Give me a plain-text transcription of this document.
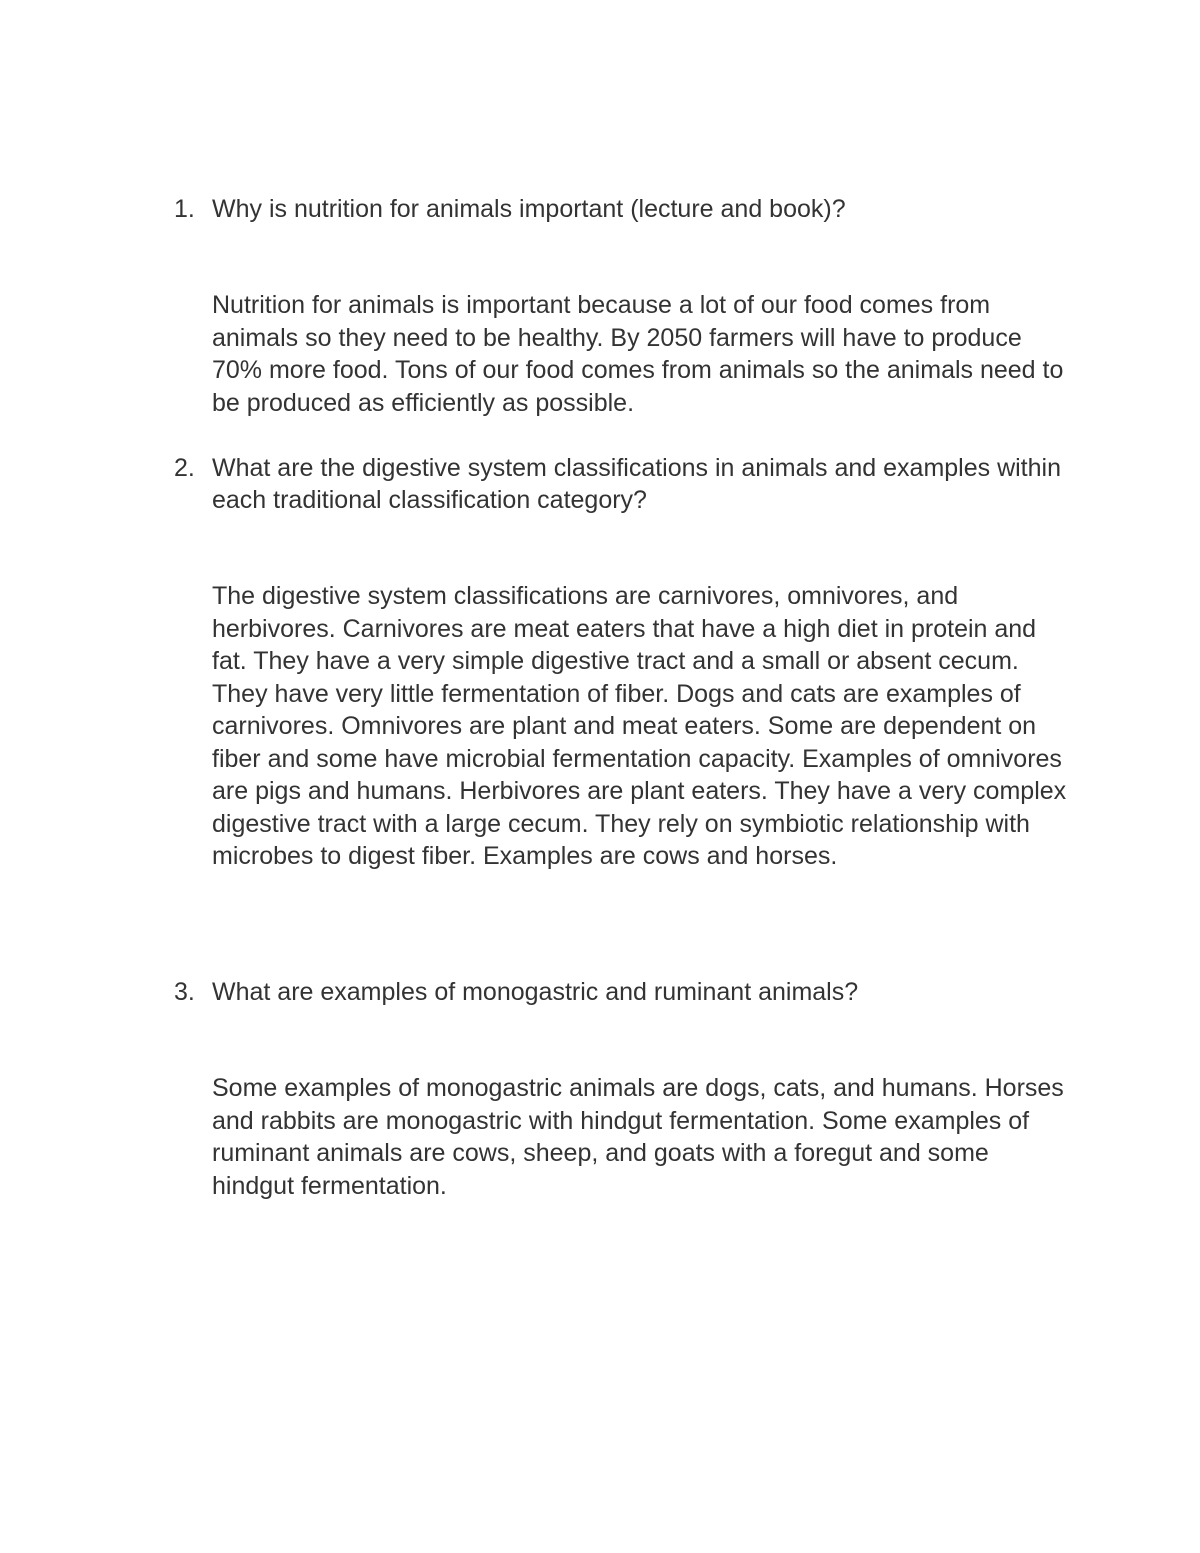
1. Why is nutrition for animals important (lecture and book)?

Nutrition for animals is important because a lot of our food comes from animals so they need to be healthy. By 2050 farmers will have to produce 70% more food. Tons of our food comes from animals so the animals need to be produced as efficiently as possible.

2. What are the digestive system classifications in animals and examples within each traditional classification category?

The digestive system classifications are carnivores, omnivores, and herbivores. Carnivores are meat eaters that have a high diet in protein and fat. They have a very simple digestive tract and a small or absent cecum. They have very little fermentation of fiber. Dogs and cats are examples of carnivores. Omnivores are plant and meat eaters. Some are dependent on fiber and some have microbial fermentation capacity. Examples of omnivores are pigs and humans. Herbivores are plant eaters. They have a very complex digestive tract with a large cecum. They rely on symbiotic relationship with microbes to digest fiber. Examples are cows and horses.

3. What are examples of monogastric and ruminant animals?

Some examples of monogastric animals are dogs, cats, and humans. Horses and rabbits are monogastric with hindgut fermentation. Some examples of ruminant animals are cows, sheep, and goats with a foregut and some hindgut fermentation.
